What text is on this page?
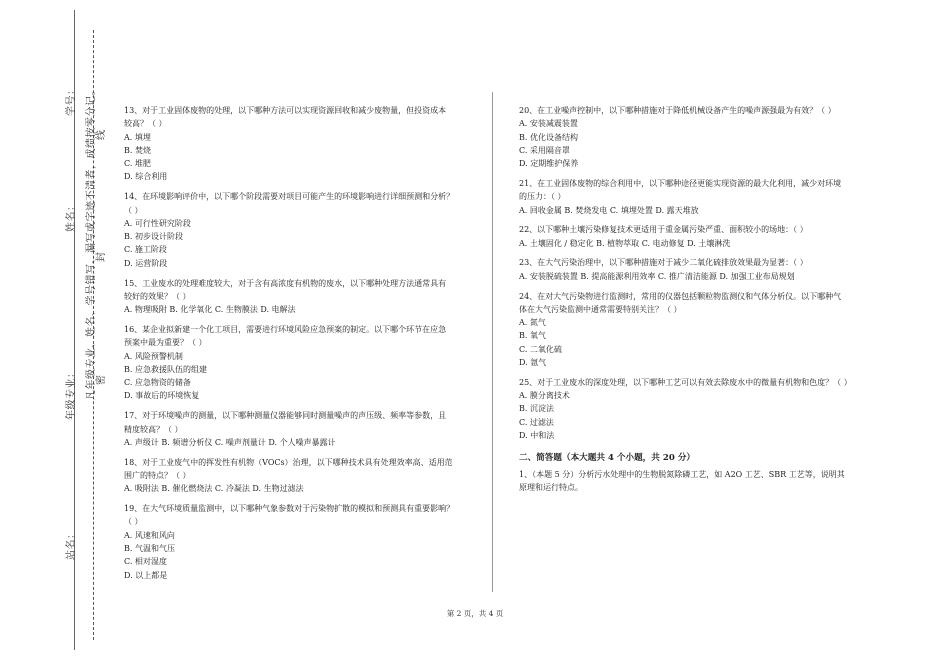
学号：
姓名：
年级专业：
站名：
凡年级专业、姓名、学号错写、漏写或字迹不清者，成绩按零分记。 密
封
线
13、对于工业固体废物的处理，以下哪种方法可以实现资源回收和减少废物量，但投资成本
较高？（ ）
A. 填埋
B. 焚烧
C. 堆肥
D. 综合利用
14、在环境影响评价中，以下哪个阶段需要对项目可能产生的环境影响进行详细预测和分析？
（ ）
A. 可行性研究阶段
B. 初步设计阶段
C. 施工阶段
D. 运营阶段
15、工业废水的处理难度较大，对于含有高浓度有机物的废水，以下哪种处理方法通常具有
较好的效果？（ ）
A. 物理吸附 B. 化学氧化 C. 生物膜法 D. 电解法
16、某企业拟新建一个化工项目，需要进行环境风险应急预案的制定。以下哪个环节在应急
预案中最为重要？（ ）
A. 风险预警机制
B. 应急救援队伍的组建
C. 应急物资的储备
D. 事故后的环境恢复
17、对于环境噪声的测量，以下哪种测量仪器能够同时测量噪声的声压级、频率等参数，且
精度较高？（ ）
A. 声级计 B. 频谱分析仪 C. 噪声剂量计 D. 个人噪声暴露计
18、对于工业废气中的挥发性有机物（VOCs）治理，以下哪种技术具有处理效率高、适用范
围广的特点？（ ）
A. 吸附法 B. 催化燃烧法 C. 冷凝法 D. 生物过滤法
19、在大气环境质量监测中，以下哪种气象参数对于污染物扩散的模拟和预测具有重要影响？
（ ）
A. 风速和风向
B. 气温和气压
C. 相对湿度
D. 以上都是
20、在工业噪声控制中，以下哪种措施对于降低机械设备产生的噪声源强最为有效？（ ）
A. 安装减震装置
B. 优化设备结构
C. 采用隔音罩
D. 定期维护保养
21、在工业固体废物的综合利用中，以下哪种途径更能实现资源的最大化利用，减少对环境
的压力：（ ）
A. 回收金属 B. 焚烧发电 C. 填埋处置 D. 露天堆放
22、以下哪种土壤污染修复技术更适用于重金属污染严重、面积较小的场地：（ ）
A. 土壤固化 / 稳定化 B. 植物萃取 C. 电动修复 D. 土壤淋洗
23、在大气污染治理中，以下哪种措施对于减少二氧化硫排放效果最为显著：（ ）
A. 安装脱硫装置 B. 提高能源利用效率 C. 推广清洁能源 D. 加强工业布局规划
24、在对大气污染物进行监测时，常用的仪器包括颗粒物监测仪和气体分析仪。以下哪种气
体在大气污染监测中通常需要特别关注？（ ）
A. 氮气
B. 氧气
C. 二氧化硫
D. 氩气
25、对于工业废水的深度处理，以下哪种工艺可以有效去除废水中的微量有机物和色度？（ ）
A. 膜分离技术
B. 沉淀法
C. 过滤法
D. 中和法
二、简答题（本大题共 4 个小题，共 20 分）
1、（本题 5 分）分析污水处理中的生物脱氮除磷工艺，如 A2O 工艺、SBR 工艺等，说明其
原理和运行特点。
第 2 页，共 4 页
